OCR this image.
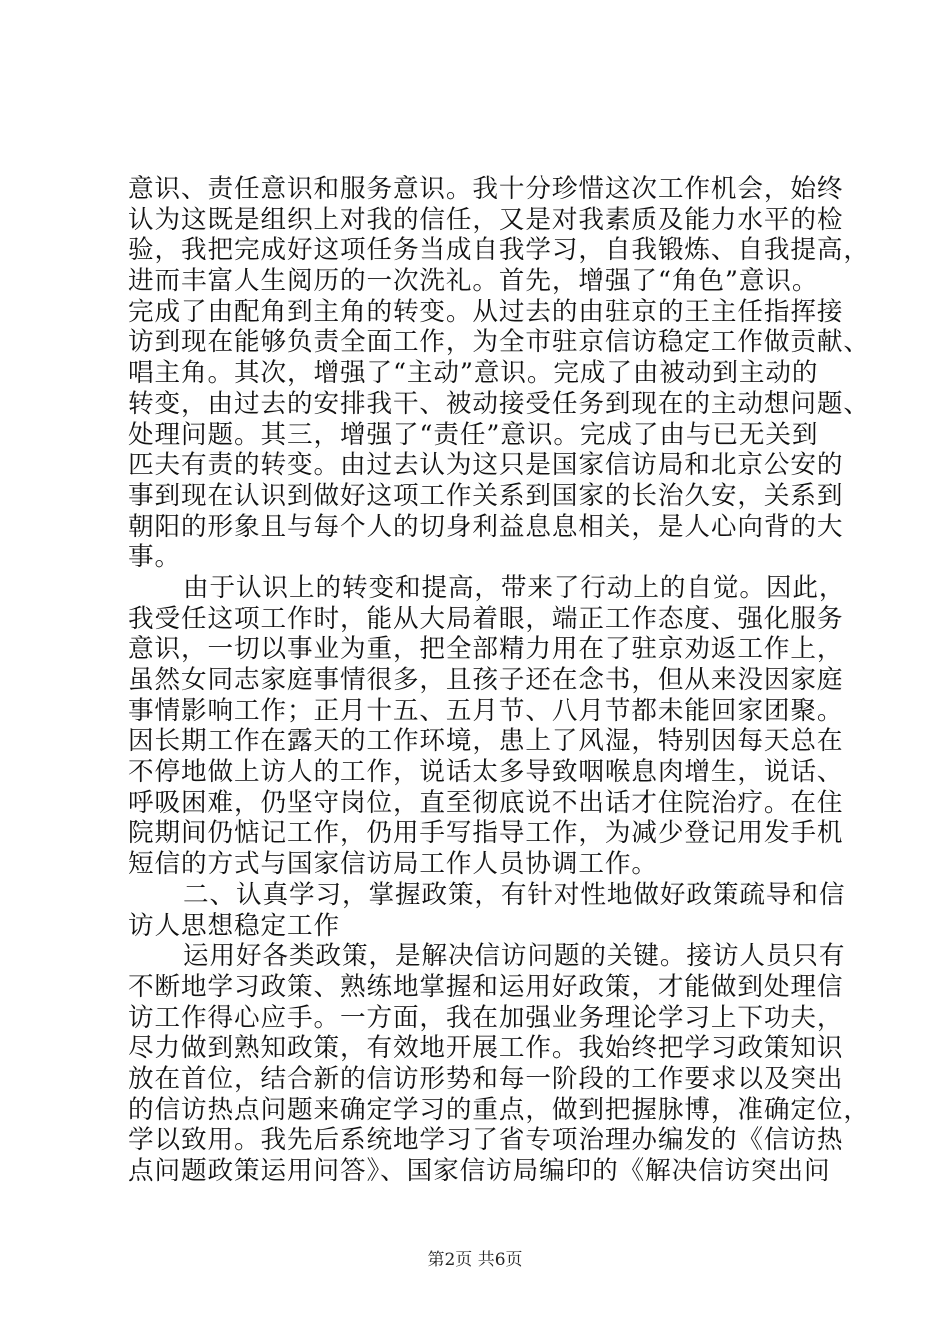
意识、责任意识和服务意识。我十分珍惜这次工作机会，始终
认为这既是组织上对我的信任，又是对我素质及能力水平的检
验，我把完成好这项任务当成自我学习，自我锻炼、自我提高，
进而丰富人生阅历的一次洗礼。首先，增强了“角色”意识。
完成了由配角到主角的转变。从过去的由驻京的王主任指挥接
访到现在能够负责全面工作，为全市驻京信访稳定工作做贡献、
唱主角。其次，增强了“主动”意识。完成了由被动到主动的
转变，由过去的安排我干、被动接受任务到现在的主动想问题、
处理问题。其三，增强了“责任”意识。完成了由与已无关到
匹夫有责的转变。由过去认为这只是国家信访局和北京公安的
事到现在认识到做好这项工作关系到国家的长治久安，关系到
朝阳的形象且与每个人的切身利益息息相关，是人心向背的大
事。
由于认识上的转变和提高，带来了行动上的自觉。因此，
我受任这项工作时，能从大局着眼，端正工作态度、强化服务
意识，一切以事业为重，把全部精力用在了驻京劝返工作上，
虽然女同志家庭事情很多，且孩子还在念书，但从来没因家庭
事情影响工作；正月十五、五月节、八月节都未能回家团聚。
因长期工作在露天的工作环境，患上了风湿，特别因每天总在
不停地做上访人的工作，说话太多导致咽喉息肉增生，说话、
呼吸困难，仍坚守岗位，直至彻底说不出话才住院治疗。在住
院期间仍惦记工作，仍用手写指导工作，为减少登记用发手机
短信的方式与国家信访局工作人员协调工作。
二、认真学习，掌握政策，有针对性地做好政策疏导和信
访人思想稳定工作
运用好各类政策，是解决信访问题的关键。接访人员只有
不断地学习政策、熟练地掌握和运用好政策，才能做到处理信
访工作得心应手。一方面，我在加强业务理论学习上下功夫，
尽力做到熟知政策，有效地开展工作。我始终把学习政策知识
放在首位，结合新的信访形势和每一阶段的工作要求以及突出
的信访热点问题来确定学习的重点，做到把握脉博，准确定位，
学以致用。我先后系统地学习了省专项治理办编发的《信访热
点问题政策运用问答》、国家信访局编印的《解决信访突出问
第2页 共6页
